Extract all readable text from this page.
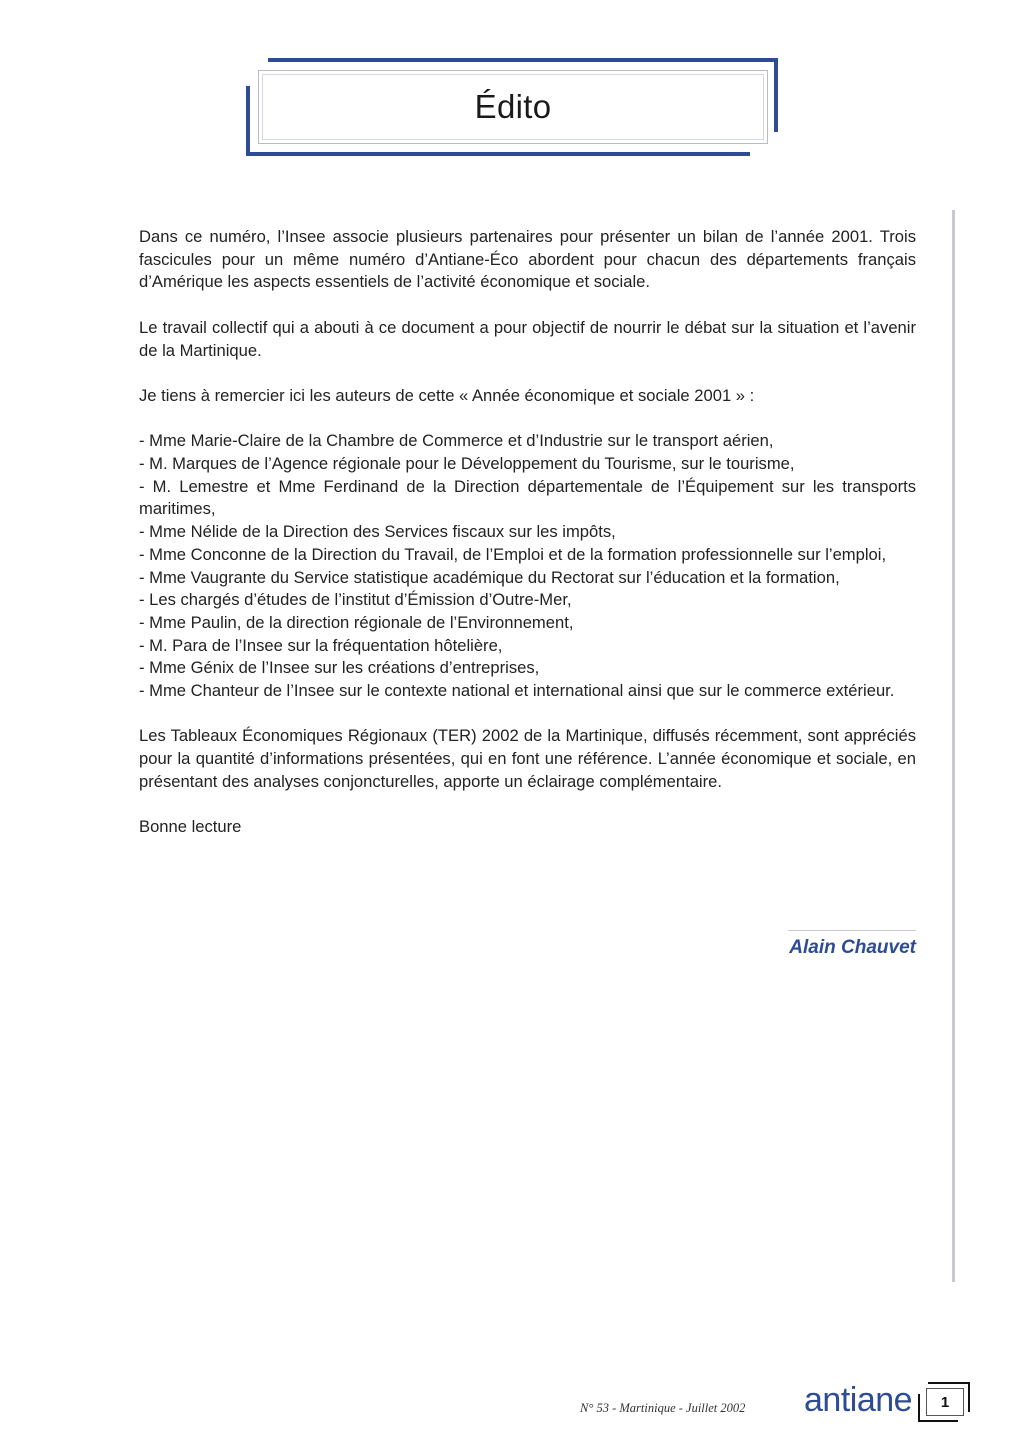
Édito

Dans ce numéro, l’Insee associe plusieurs partenaires pour présenter un bilan de l’année 2001. Trois fascicules pour un même numéro d’Antiane-Éco abordent pour chacun des départements français d’Amérique les aspects essentiels de l’activité économique et sociale.

Le travail collectif qui a abouti à ce document a pour objectif de nourrir le débat sur la situation et l’avenir de la Martinique.

Je tiens à remercier ici les auteurs de cette « Année économique et sociale 2001 » :

- Mme Marie-Claire de la Chambre de Commerce et d’Industrie sur le transport aérien,
- M. Marques de l’Agence régionale pour le Développement du Tourisme, sur le tourisme,
- M. Lemestre et Mme Ferdinand de la Direction départementale de l’Équipement sur les transports maritimes,
- Mme Nélide de la Direction des Services fiscaux sur les impôts,
- Mme Conconne de la Direction du Travail, de l’Emploi et de la formation professionnelle sur l’emploi,
- Mme Vaugrante du Service statistique académique du Rectorat sur l’éducation et la formation,
- Les chargés d’études de l’institut d’Émission d’Outre-Mer,
- Mme Paulin, de la direction régionale de l’Environnement,
- M. Para de l’Insee sur la fréquentation hôtelière,
- Mme Génix de l’Insee sur les créations d’entreprises,
- Mme Chanteur de l’Insee sur le contexte national et international ainsi que sur le commerce extérieur.

Les Tableaux Économiques Régionaux (TER) 2002 de la Martinique, diffusés récemment, sont appréciés pour la quantité d’informations présentées, qui en font une référence. L’année économique et sociale, en présentant des analyses conjoncturelles, apporte un éclairage complémentaire.

Bonne lecture

Alain Chauvet
N° 53 - Martinique - Juillet 2002 antiane	1
